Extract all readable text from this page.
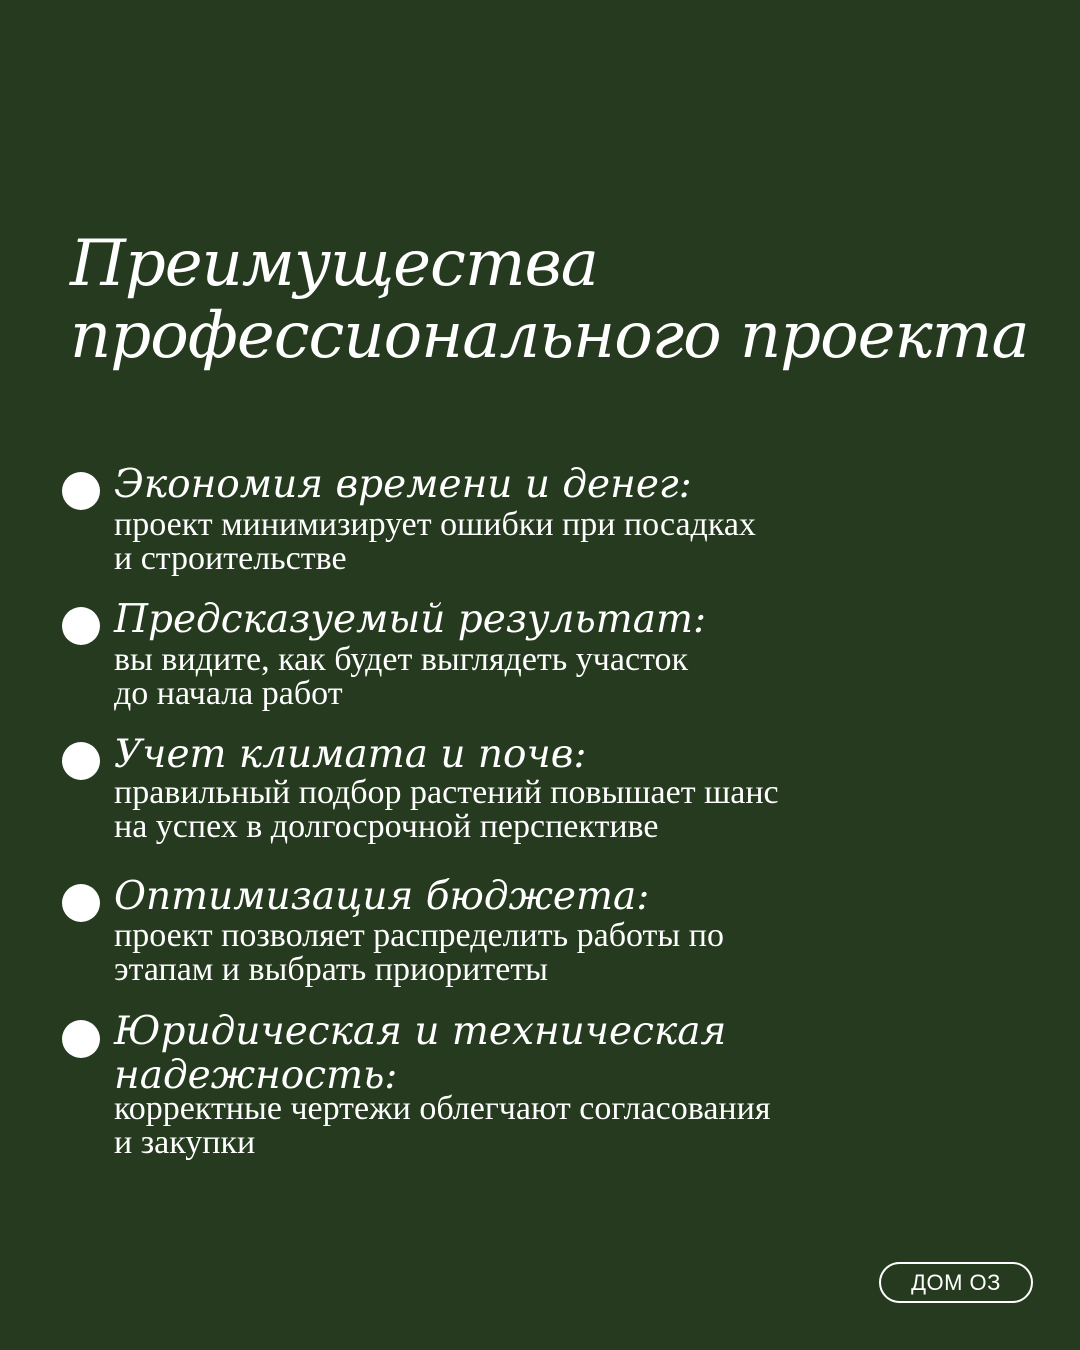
Преимущества
профессионального проекта
Экономия времени и денег:
проект минимизирует ошибки при посадках
и строительстве
Предсказуемый результат:
вы видите, как будет выглядеть участок
до начала работ
Учет климата и почв:
правильный подбор растений повышает шанс
на успех в долгосрочной перспективе
Оптимизация бюджета:
проект позволяет распределить работы по
этапам и выбрать приоритеты
Юридическая и техническая
надежность:
корректные чертежи облегчают согласования
и закупки
ДОМ ОЗ
